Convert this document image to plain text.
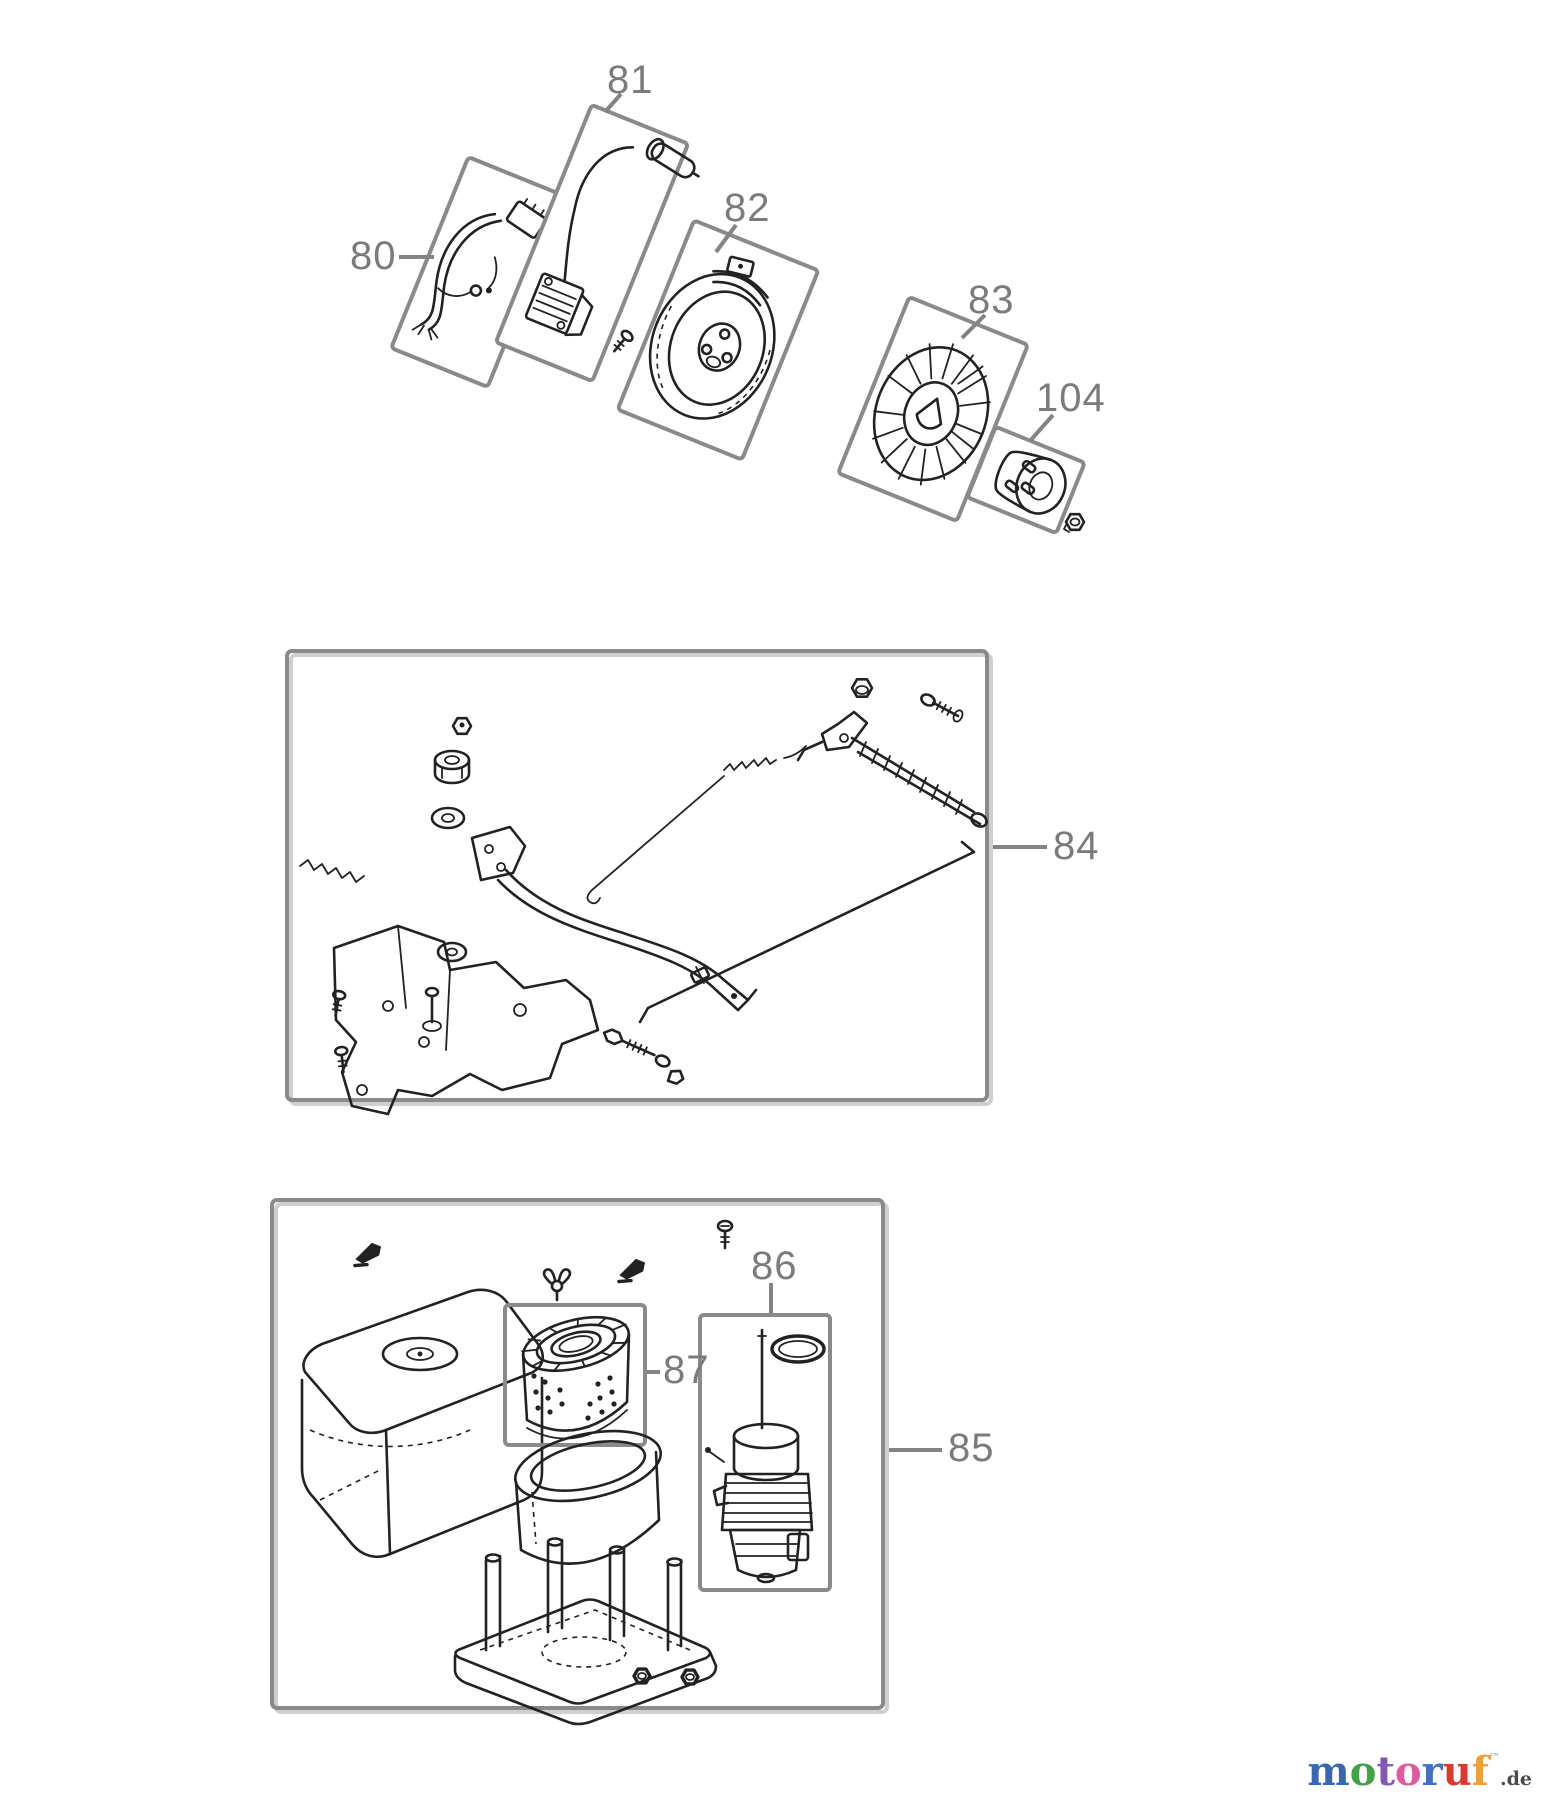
80
81
82
83
104
84
85
86
87
motoruf™.de
